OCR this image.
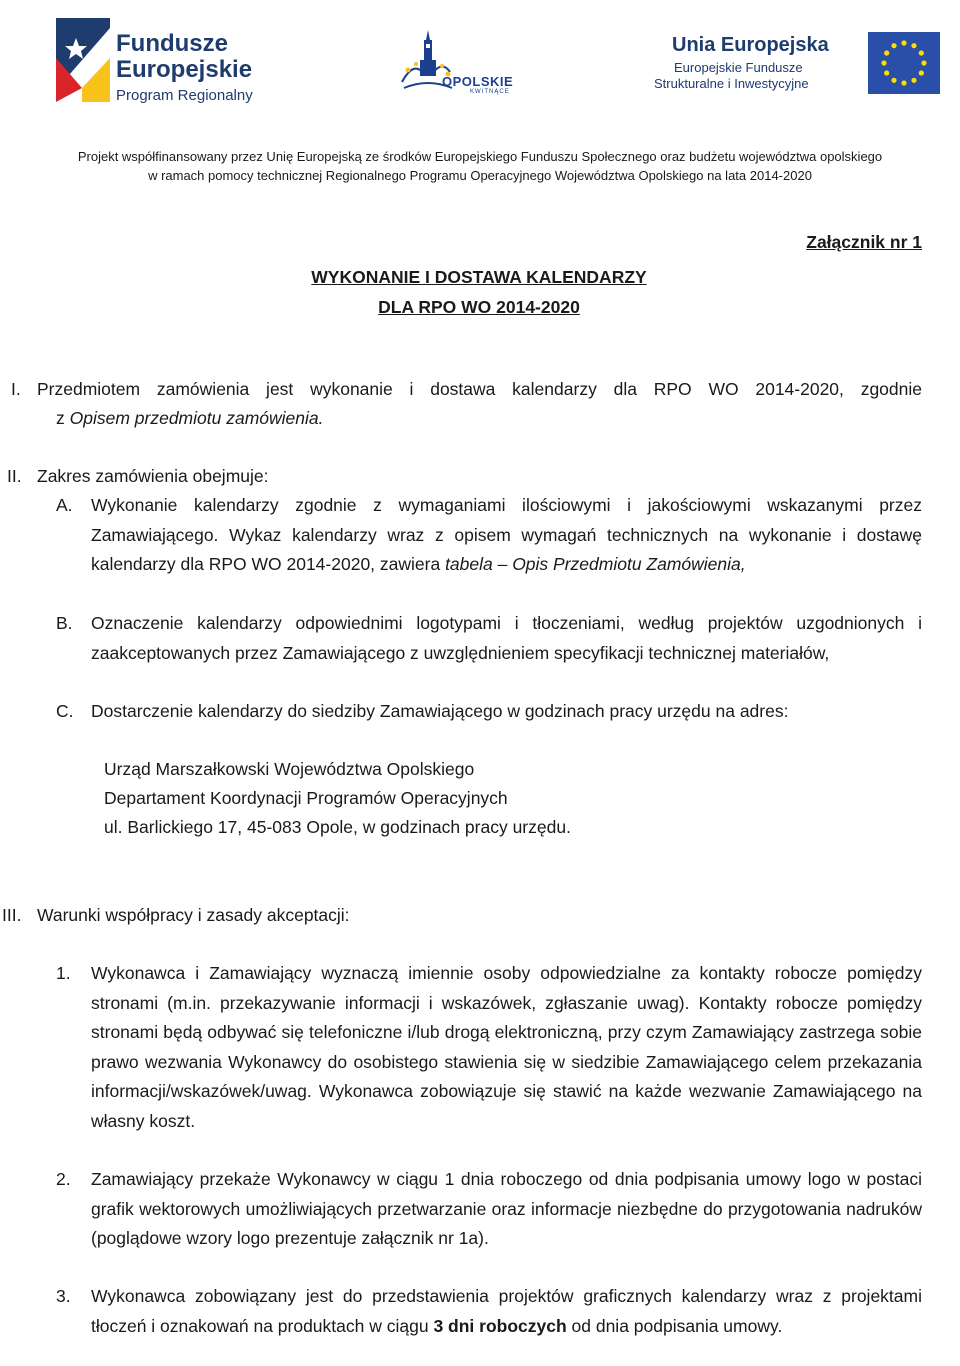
Fundusze
Europejskie
Program Regionalny
OPOLSKIE
KWITNĄCE
Unia Europejska
Europejskie Fundusze
Strukturalne i Inwestycyjne
Projekt współfinansowany przez Unię Europejską ze środków Europejskiego Funduszu Społecznego oraz budżetu województwa opolskiego
w ramach pomocy technicznej Regionalnego Programu Operacyjnego Województwa Opolskiego na lata 2014-2020
Załącznik nr 1
WYKONANIE I DOSTAWA KALENDARZY
DLA RPO WO 2014-2020
I. Przedmiotem zamówienia jest wykonanie i dostawa kalendarzy dla RPO WO 2014-2020, zgodnie
z Opisem przedmiotu zamówienia.
II. Zakres zamówienia obejmuje:
A. Wykonanie kalendarzy zgodnie z wymaganiami ilościowymi i jakościowymi wskazanymi przez Zamawiającego. Wykaz kalendarzy wraz z opisem wymagań technicznych na wykonanie i dostawę kalendarzy dla RPO WO 2014-2020, zawiera tabela – Opis Przedmiotu Zamówienia,
B. Oznaczenie kalendarzy odpowiednimi logotypami i tłoczeniami, według projektów uzgodnionych i zaakceptowanych przez Zamawiającego z uwzględnieniem specyfikacji technicznej materiałów,
C. Dostarczenie kalendarzy do siedziby Zamawiającego w godzinach pracy urzędu na adres:
Urząd Marszałkowski Województwa Opolskiego
Departament Koordynacji Programów Operacyjnych
ul. Barlickiego 17, 45-083 Opole, w godzinach pracy urzędu.
III. Warunki współpracy i zasady akceptacji:
1. Wykonawca i Zamawiający wyznaczą imiennie osoby odpowiedzialne za kontakty robocze pomiędzy stronami (m.in. przekazywanie informacji i wskazówek, zgłaszanie uwag). Kontakty robocze pomiędzy stronami będą odbywać się telefoniczne i/lub drogą elektroniczną, przy czym Zamawiający zastrzega sobie prawo wezwania Wykonawcy do osobistego stawienia się w siedzibie Zamawiającego celem przekazania informacji/wskazówek/uwag. Wykonawca zobowiązuje się stawić na każde wezwanie Zamawiającego na własny koszt.
2. Zamawiający przekaże Wykonawcy w ciągu 1 dnia roboczego od dnia podpisania umowy logo w postaci grafik wektorowych umożliwiających przetwarzanie oraz informacje niezbędne do przygotowania nadruków (poglądowe wzory logo prezentuje załącznik nr 1a).
3. Wykonawca zobowiązany jest do przedstawienia projektów graficznych kalendarzy wraz z projektami tłoczeń i oznakowań na produktach w ciągu 3 dni roboczych od dnia podpisania umowy.
